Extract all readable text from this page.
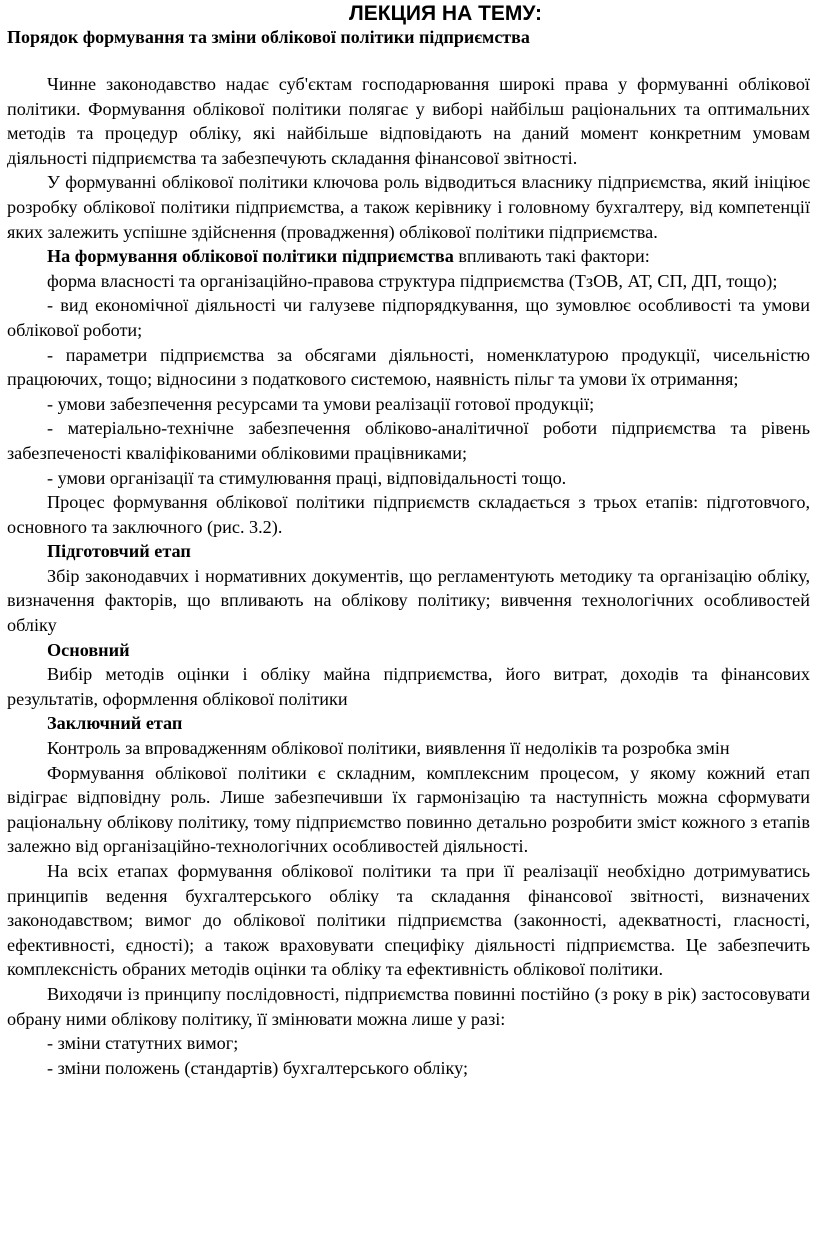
ЛЕКЦИЯ НА ТЕМУ:
Порядок формування та зміни облікової політики підприємства

Чинне законодавство надає суб'єктам господарювання широкі права у формуванні облікової політики. Формування облікової політики полягає у виборі найбільш раціональних та оптимальних методів та процедур обліку, які найбільше відповідають на даний момент конкретним умовам діяльності підприємства та забезпечують складання фінансової звітності.

У формуванні облікової політики ключова роль відводиться власнику підприємства, який ініціює розробку облікової політики підприємства, а також керівнику і головному бухгалтеру, від компетенції яких залежить успішне здійснення (провадження) облікової політики підприємства.

На формування облікової політики підприємства впливають такі фактори:

форма власності та організаційно-правова структура підприємства (ТзОВ, АТ, СП, ДП, тощо);

- вид економічної діяльності чи галузеве підпорядкування, що зумовлює особливості та умови облікової роботи;

- параметри підприємства за обсягами діяльності, номенклатурою продукції, чисельністю працюючих, тощо; відносини з податкового системою, наявність пільг та умови їх отримання;

- умови забезпечення ресурсами та умови реалізації готової продукції;

- матеріально-технічне забезпечення обліково-аналітичної роботи підприємства та рівень забезпеченості кваліфікованими обліковими працівниками;

- умови організації та стимулювання праці, відповідальності тощо.

Процес формування облікової політики підприємств складається з трьох етапів: підготовчого, основного та заключного (рис. 3.2).

Підготовчий етап

Збір законодавчих і нормативних документів, що регламентують методику та організацію обліку, визначення факторів, що впливають на облікову політику; вивчення технологічних особливостей обліку

Основний

Вибір методів оцінки і обліку майна підприємства, його витрат, доходів та фінансових результатів, оформлення облікової політики

Заключний етап

Контроль за впровадженням облікової політики, виявлення її недоліків та розробка змін

Формування облікової політики є складним, комплексним процесом, у якому кожний етап відіграє відповідну роль. Лише забезпечивши їх гармонізацію та наступність можна сформувати раціональну облікову політику, тому підприємство повинно детально розробити зміст кожного з етапів залежно від організаційно-технологічних особливостей діяльності.

На всіх етапах формування облікової політики та при її реалізації необхідно дотримуватись принципів ведення бухгалтерського обліку та складання фінансової звітності, визначених законодавством; вимог до облікової політики підприємства (законності, адекватності, гласності, ефективності, єдності); а також враховувати специфіку діяльності підприємства. Це забезпечить комплексність обраних методів оцінки та обліку та ефективність облікової політики.

Виходячи із принципу послідовності, підприємства повинні постійно (з року в рік) застосовувати обрану ними облікову політику, її змінювати можна лише у разі:

- зміни статутних вимог;

- зміни положень (стандартів) бухгалтерського обліку;
